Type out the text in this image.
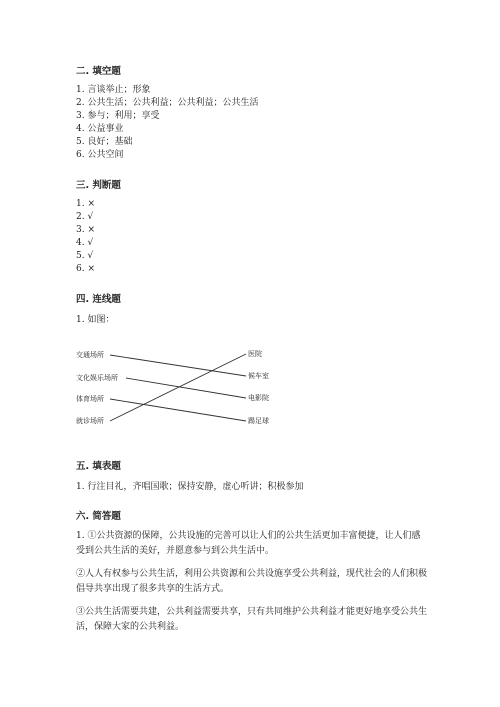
二. 填空题
1. 言谈举止；形象
2. 公共生活；公共利益；公共利益；公共生活
3. 参与；利用；享受
4. 公益事业
5. 良好；基础
6. 公共空间
三. 判断题
1. ×
2. √
3. ×
4. √
5. √
6. ×
四. 连线题
1. 如图：
交通场所
文化娱乐场所
体育场所
就诊场所
医院
候车室
电影院
踢足球
五. 填表题
1. 行注目礼，齐唱国歌；保持安静，虚心听讲；积极参加
六. 简答题
1. ①公共资源的保障，公共设施的完善可以让人们的公共生活更加丰富便捷，让人们感受到公共生活的美好，并愿意参与到公共生活中。
②人人有权参与公共生活，利用公共资源和公共设施享受公共利益，现代社会的人们积极倡导共享出现了很多共享的生活方式。
③公共生活需要共建，公共利益需要共享，只有共同维护公共利益才能更好地享受公共生活，保障大家的公共利益。
